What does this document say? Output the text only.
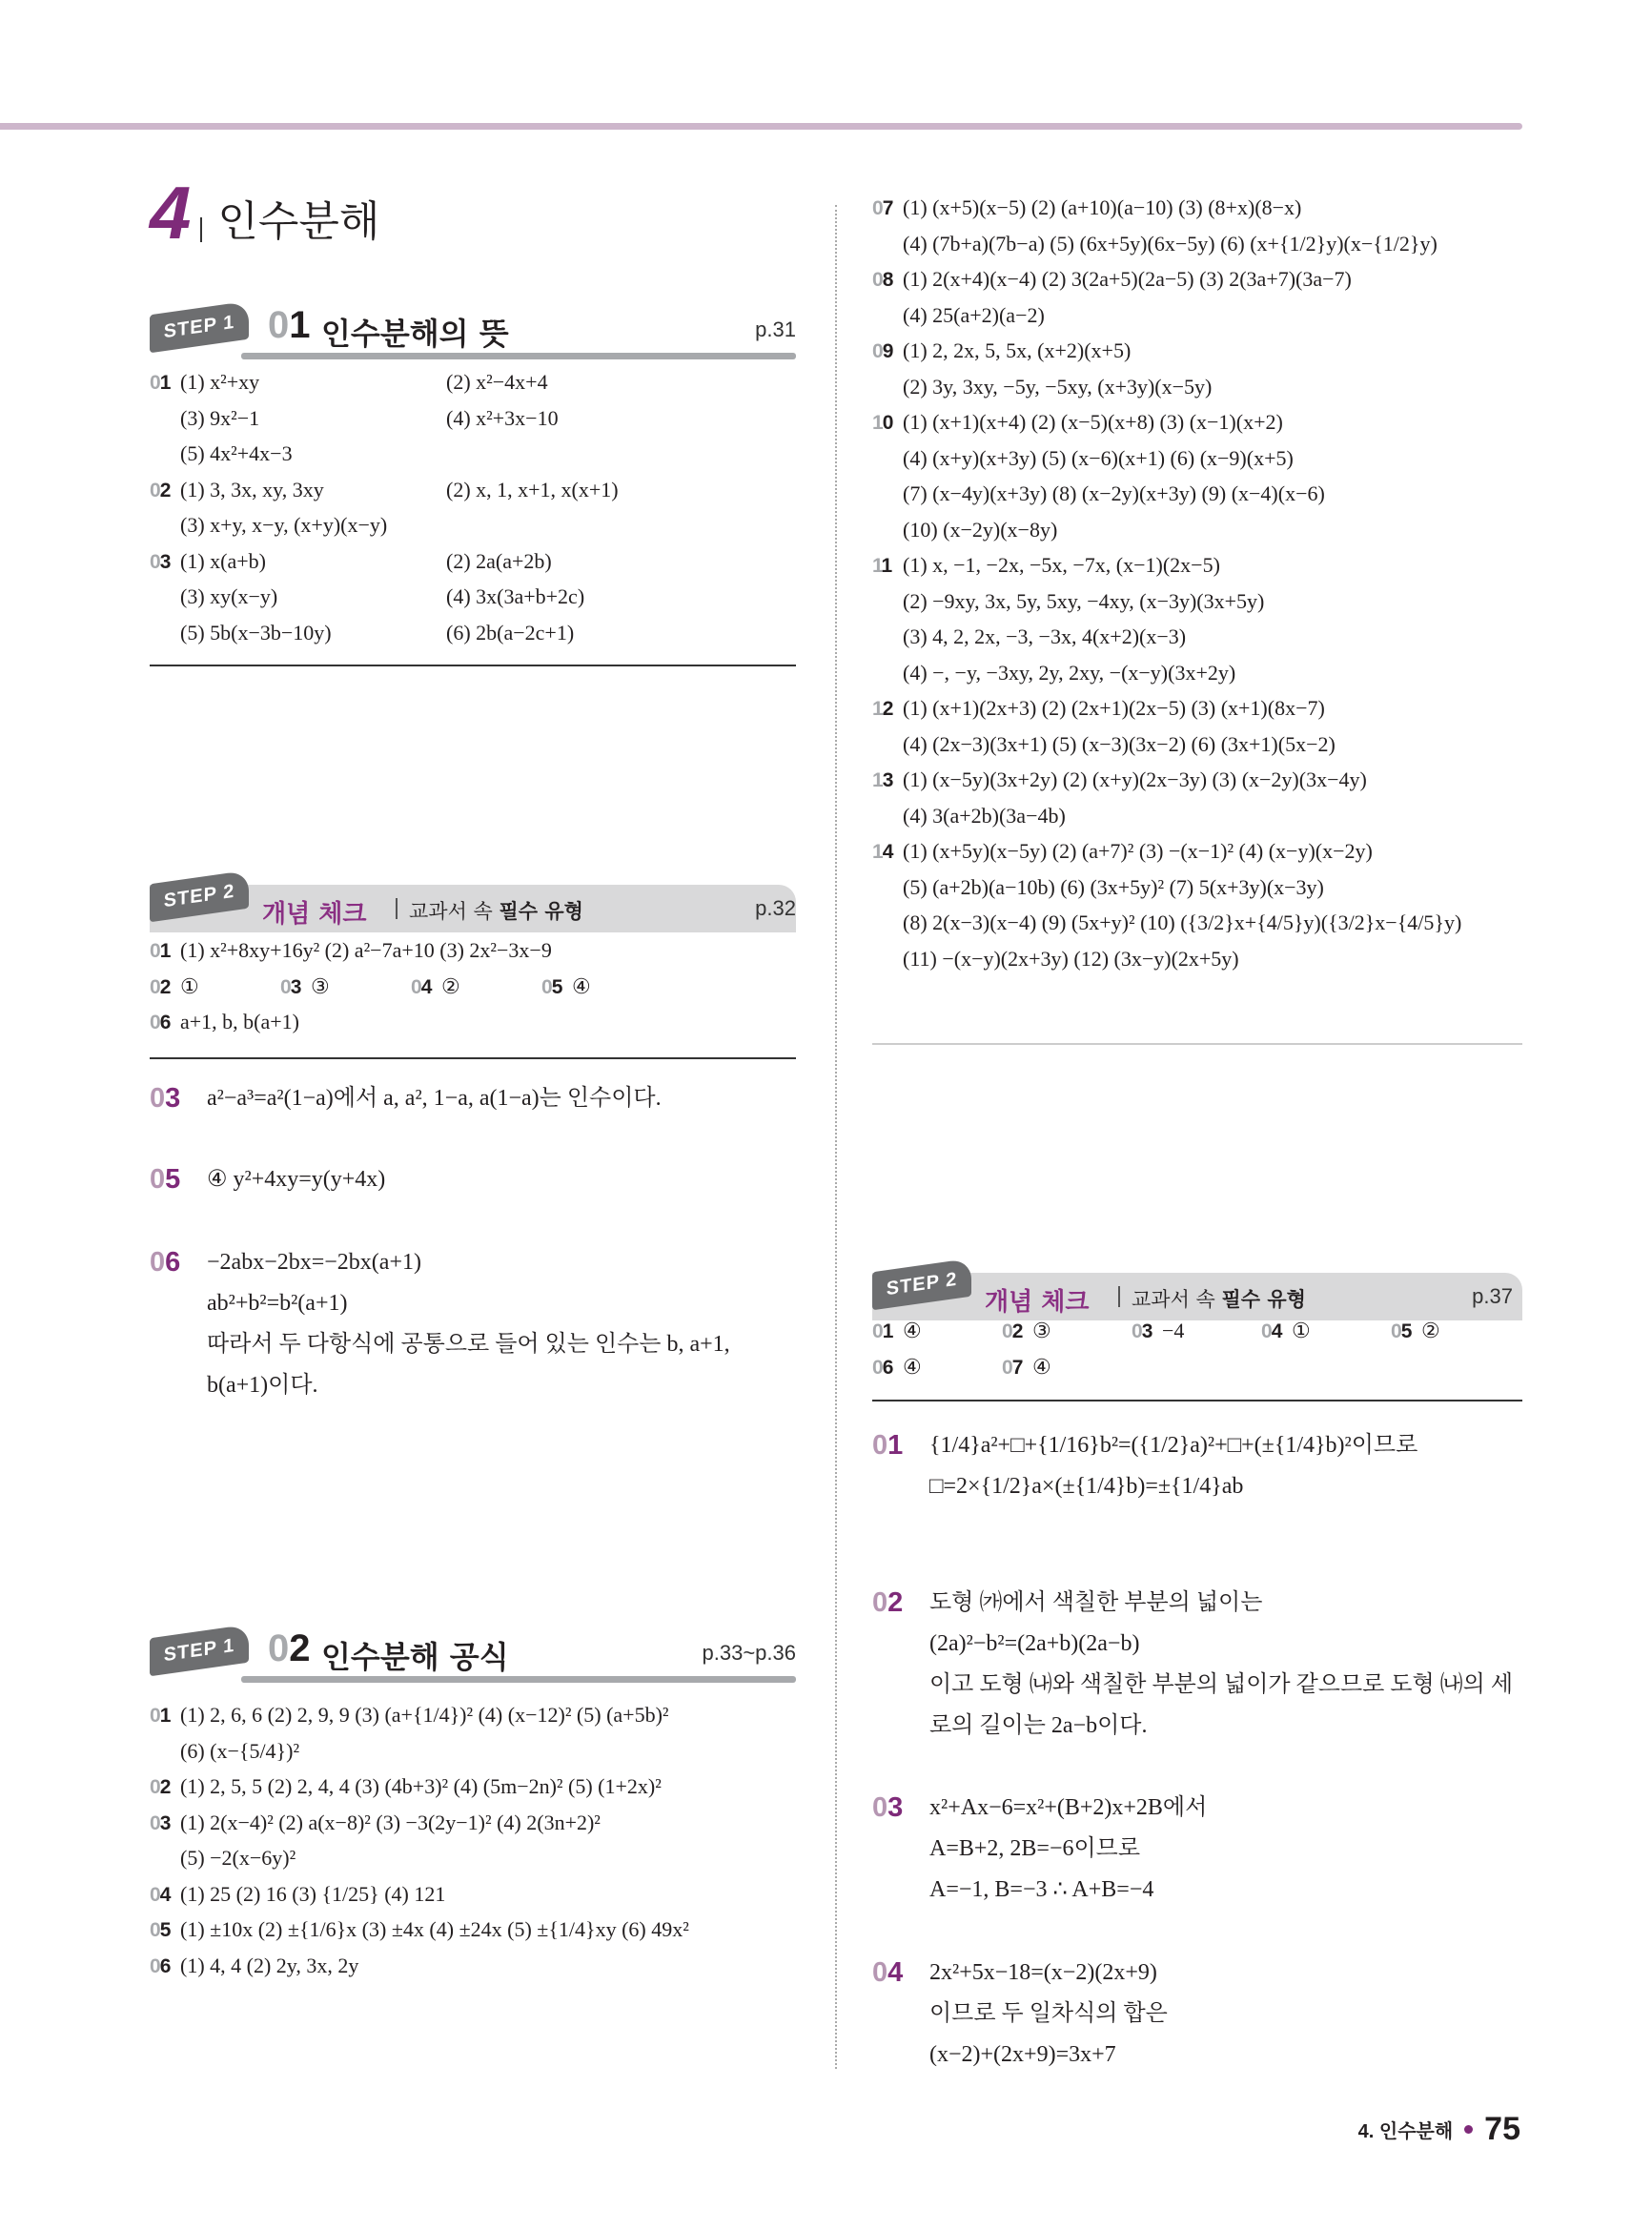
4 인수분해
STEP 1 01 인수분해의 뜻	p.31
01 (1) x²+xy	(2) x²−4x+4
(3) 9x²−1	(4) x²+3x−10
(5) 4x²+4x−3
02 (1) 3, 3x, xy, 3xy	(2) x, 1, x+1, x(x+1)
(3) x+y, x−y, (x+y)(x−y)
03 (1) x(a+b)	(2) 2a(a+2b)
(3) xy(x−y)	(4) 3x(3a+b+2c)
(5) 5b(x−3b−10y)	(6) 2b(a−2c+1)
STEP 2
개념 체크 교과서 속 필수 유형	p.32
01 (1) x²+8xy+16y² (2) a²−7a+10 (3) 2x²−3x−9
02 ①	03 ③	04 ②	05 ④
06 a+1, b, b(a+1)
03 a²−a³=a²(1−a)에서 a, a², 1−a, a(1−a)는 인수이다.
05 ④ y²+4xy=y(y+4x)
06 −2abx−2bx=−2bx(a+1)
ab²+b²=b²(a+1)
따라서 두 다항식에 공통으로 들어 있는 인수는 b, a+1,
b(a+1)이다.
STEP 1 02 인수분해 공식	p.33~p.36
01 (1) 2, 6, 6 (2) 2, 9, 9 (3) (a+{1/4})² (4) (x−12)² (5) (a+5b)²
(6) (x−{5/4})²
02 (1) 2, 5, 5 (2) 2, 4, 4 (3) (4b+3)² (4) (5m−2n)² (5) (1+2x)²
03 (1) 2(x−4)² (2) a(x−8)² (3) −3(2y−1)² (4) 2(3n+2)²
(5) −2(x−6y)²
04 (1) 25 (2) 16 (3) {1/25} (4) 121
05 (1) ±10x (2) ±{1/6}x (3) ±4x (4) ±24x (5) ±{1/4}xy (6) 49x²
06 (1) 4, 4 (2) 2y, 3x, 2y
07 (1) (x+5)(x−5) (2) (a+10)(a−10) (3) (8+x)(8−x)
(4) (7b+a)(7b−a) (5) (6x+5y)(6x−5y) (6) (x+{1/2}y)(x−{1/2}y)
08 (1) 2(x+4)(x−4) (2) 3(2a+5)(2a−5) (3) 2(3a+7)(3a−7)
(4) 25(a+2)(a−2)
09 (1) 2, 2x, 5, 5x, (x+2)(x+5)
(2) 3y, 3xy, −5y, −5xy, (x+3y)(x−5y)
10 (1) (x+1)(x+4) (2) (x−5)(x+8) (3) (x−1)(x+2)
(4) (x+y)(x+3y) (5) (x−6)(x+1) (6) (x−9)(x+5)
(7) (x−4y)(x+3y) (8) (x−2y)(x+3y) (9) (x−4)(x−6)
(10) (x−2y)(x−8y)
11 (1) x, −1, −2x, −5x, −7x, (x−1)(2x−5)
(2) −9xy, 3x, 5y, 5xy, −4xy, (x−3y)(3x+5y)
(3) 4, 2, 2x, −3, −3x, 4(x+2)(x−3)
(4) −, −y, −3xy, 2y, 2xy, −(x−y)(3x+2y)
12 (1) (x+1)(2x+3) (2) (2x+1)(2x−5) (3) (x+1)(8x−7)
(4) (2x−3)(3x+1) (5) (x−3)(3x−2) (6) (3x+1)(5x−2)
13 (1) (x−5y)(3x+2y) (2) (x+y)(2x−3y) (3) (x−2y)(3x−4y)
(4) 3(a+2b)(3a−4b)
14 (1) (x+5y)(x−5y) (2) (a+7)² (3) −(x−1)² (4) (x−y)(x−2y)
(5) (a+2b)(a−10b) (6) (3x+5y)² (7) 5(x+3y)(x−3y)
(8) 2(x−3)(x−4) (9) (5x+y)² (10) ({3/2}x+{4/5}y)({3/2}x−{4/5}y)
(11) −(x−y)(2x+3y) (12) (3x−y)(2x+5y)
STEP 2
개념 체크 교과서 속 필수 유형	p.37
01 ④	02 ③	03 −4	04 ①	05 ②
06 ④	07 ④
01 {1/4}a²+□+{1/16}b²=({1/2}a)²+□+(±{1/4}b)²이므로
□=2×{1/2}a×(±{1/4}b)=±{1/4}ab
02 도형 ㈎에서 색칠한 부분의 넓이는
(2a)²−b²=(2a+b)(2a−b)
이고 도형 ㈏와 색칠한 부분의 넓이가 같으므로 도형 ㈏의 세
로의 길이는 2a−b이다.
03 x²+Ax−6=x²+(B+2)x+2B에서
A=B+2, 2B=−6이므로
A=−1, B=−3 ∴ A+B=−4
04 2x²+5x−18=(x−2)(2x+9)
이므로 두 일차식의 합은
(x−2)+(2x+9)=3x+7
4. 인수분해 75
